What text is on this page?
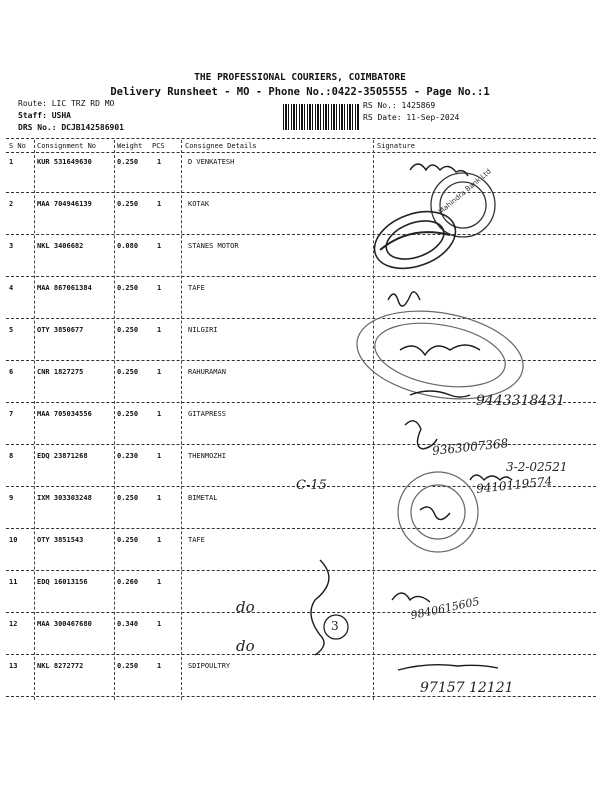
THE PROFESSIONAL COURIERS, COIMBATORE
Delivery Runsheet - MO - Phone No.:0422-3505555 - Page No.:1
Route: LIC TRZ RD MO
Staff: USHA
DRS No.: DCJB142586901
RS No.: 1425869
RS Date: 11-Sep-2024
S No Consignment No	Weight PCS	Consignee Details	Signature
1	KUR 531649630	0.250	1	D VENKATESH
2	MAA 704946139	0.250	1	KOTAK
3	NKL 3406682	0.080	1	STANES MOTOR
4	MAA 867061384	0.250	1	TAFE
5	OTY 3850677	0.250	1	NILGIRI
6	CNR 1827275	0.250	1	RAHURAMAN
7	MAA 705034556	0.250	1	GITAPRESS
8	EDQ 23871268	0.230	1	THENMOZHI
9	IXM 303303248	0.250	1	BIMETAL
10	OTY 3851543	0.250	1	TAFE
11	EDQ 16013156	0.260	1
12	MAA 300467680	0.340	1
13	NKL 8272772	0.250	1	SDIPOULTRY
Mahindra Bank Ltd
9443318431
9363007368
3-2-02521
9410119574
C-15
9840615605
97157 12121
do
do
3
